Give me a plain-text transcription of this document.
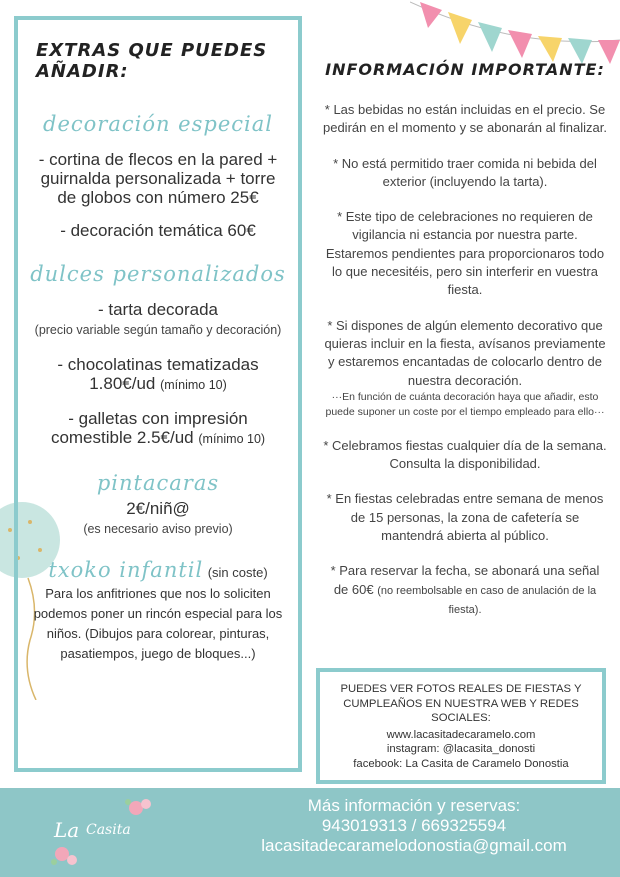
EXTRAS QUE PUEDES AÑADIR:
decoración especial
- cortina de flecos en la pared + guirnalda personalizada + torre de globos con número 25€
- decoración temática 60€
dulces personalizados
- tarta decorada
(precio variable según tamaño y decoración)
- chocolatinas tematizadas 1.80€/ud (mínimo 10)
- galletas con impresión comestible 2.5€/ud (mínimo 10)
pintacaras
2€/niñ@
(es necesario aviso previo)
txoko infantil (sin coste)
Para los anfitriones que nos lo soliciten podemos poner un rincón especial para los niños. (Dibujos para colorear, pinturas, pasatiempos, juego de bloques...)
INFORMACIÓN IMPORTANTE:
* Las bebidas no están incluidas en el precio. Se pedirán en el momento y se abonarán al finalizar.
* No está permitido traer comida ni bebida del exterior (incluyendo la tarta).
* Este tipo de celebraciones no requieren de vigilancia ni estancia por nuestra parte. Estaremos pendientes para proporcionaros todo lo que necesitéis, pero sin interferir en vuestra fiesta.
* Si dispones de algún elemento decorativo que quieras incluir en la fiesta, avísanos previamente y estaremos encantadas de colocarlo dentro de nuestra decoración.
···En función de cuánta decoración haya que añadir, esto puede suponer un coste por el tiempo empleado para ello···
* Celebramos fiestas cualquier día de la semana. Consulta la disponibilidad.
* En fiestas celebradas entre semana de menos de 15 personas, la zona de cafetería se mantendrá abierta al público.
* Para reservar la fecha, se abonará una señal de 60€ (no reembolsable en caso de anulación de la fiesta).
PUEDES VER FOTOS REALES DE FIESTAS Y CUMPLEAÑOS EN NUESTRA WEB Y REDES SOCIALES:
www.lacasitadecaramelo.com
instagram: @lacasita_donosti
facebook: La Casita de Caramelo Donostia
La Casita
Más información y reservas:
943019313 / 669325594
lacasitadecaramelodonostia@gmail.com
